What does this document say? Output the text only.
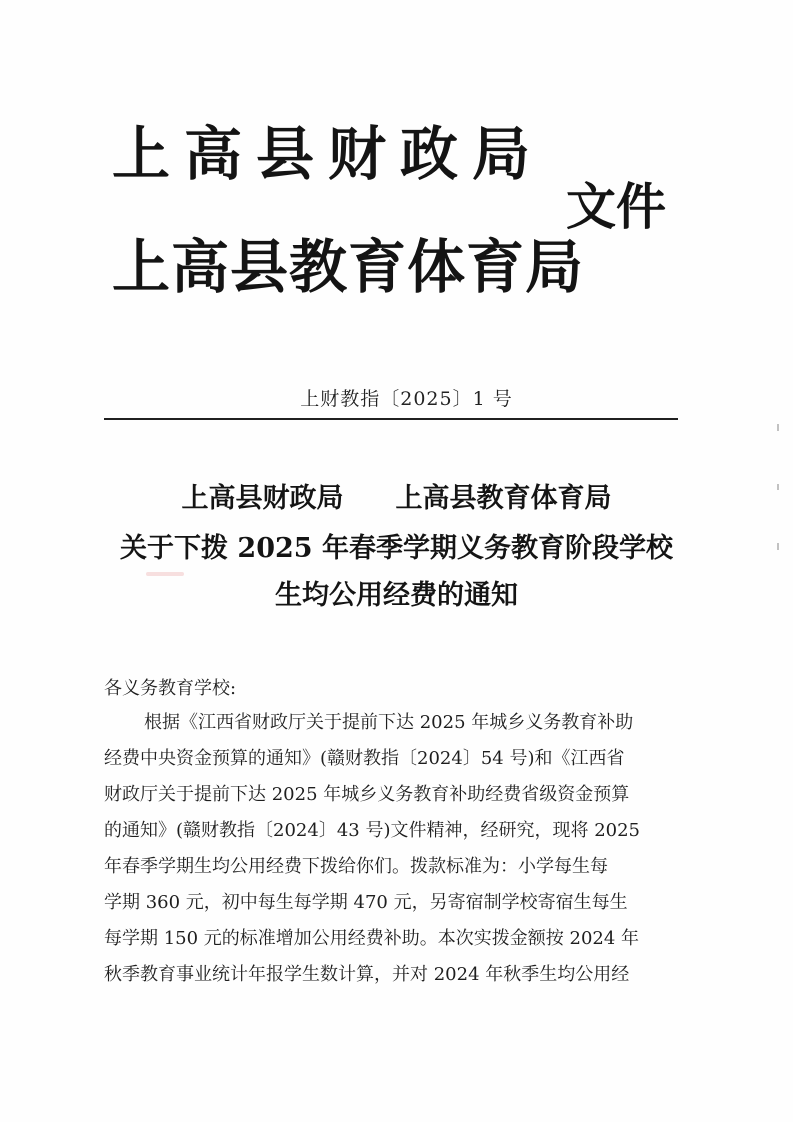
上高县财政局
上高县教育体育局
文件
上财教指〔2025〕1 号
上高县财政局 上高县教育体育局
关于下拨 2025 年春季学期义务教育阶段学校
生均公用经费的通知
各义务教育学校:
根据《江西省财政厅关于提前下达 2025 年城乡义务教育补助
经费中央资金预算的通知》(赣财教指〔2024〕54 号)和《江西省
财政厅关于提前下达 2025 年城乡义务教育补助经费省级资金预算
的通知》(赣财教指〔2024〕43 号)文件精神，经研究，现将 2025
年春季学期生均公用经费下拨给你们。拨款标准为：小学每生每
学期 360 元，初中每生每学期 470 元，另寄宿制学校寄宿生每生
每学期 150 元的标准增加公用经费补助。本次实拨金额按 2024 年
秋季教育事业统计年报学生数计算，并对 2024 年秋季生均公用经
